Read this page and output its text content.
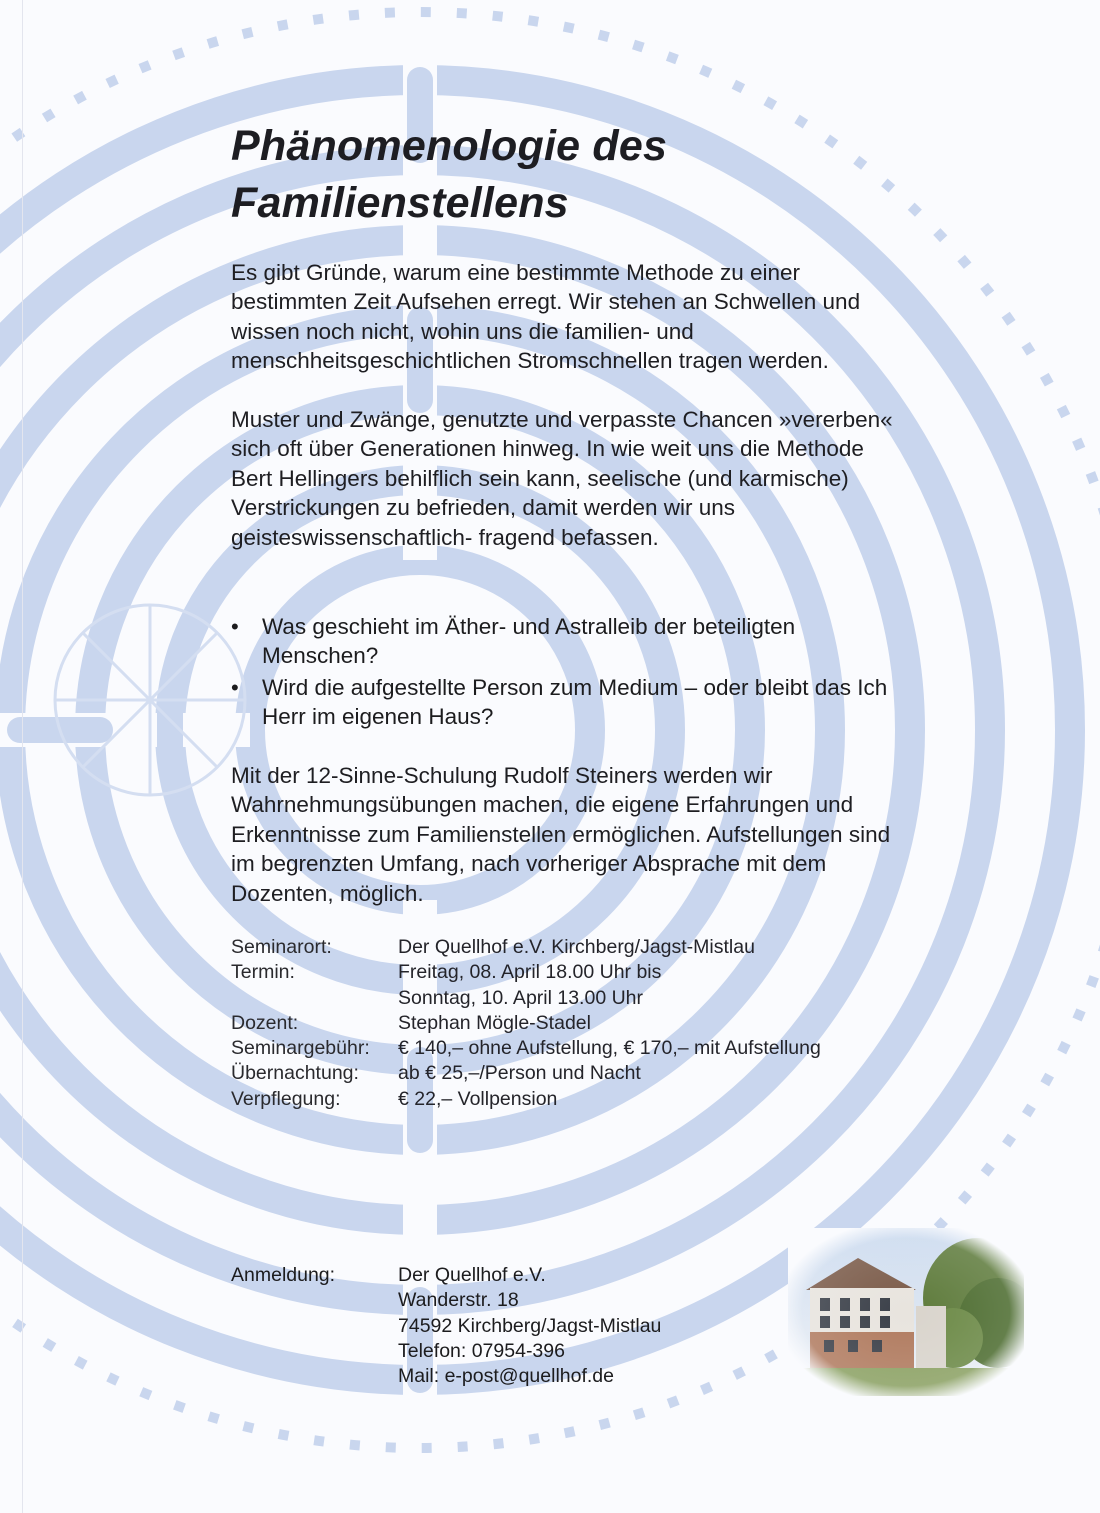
Phänomenologie des
Familienstellens

Es gibt Gründe, warum eine bestimmte Methode zu einer bestimmten Zeit Aufsehen erregt. Wir stehen an Schwellen und wissen noch nicht, wohin uns die familien- und menschheitsgeschichtlichen Stromschnellen tragen werden.

Muster und Zwänge, genutzte und verpasste Chancen »vererben« sich oft über Generationen hinweg. In wie weit uns die Methode Bert Hellingers behilflich sein kann, seelische (und karmische) Verstrickungen zu befrieden, damit werden wir uns geisteswissenschaftlich- fragend befassen.

• Was geschieht im Äther- und Astralleib der beteiligten Menschen?
• Wird die aufgestellte Person zum Medium – oder bleibt das Ich Herr im eigenen Haus?

Mit der 12-Sinne-Schulung Rudolf Steiners werden wir Wahrnehmungsübungen machen, die eigene Erfahrungen und Erkenntnisse zum Familienstellen ermöglichen. Aufstellungen sind im begrenzten Umfang, nach vorheriger Absprache mit dem Dozenten, möglich.

Seminarort:	Der Quellhof e.V. Kirchberg/Jagst-Mistlau
Termin:	Freitag, 08. April 18.00 Uhr bis
	Sonntag, 10. April 13.00 Uhr
Dozent:	Stephan Mögle-Stadel
Seminargebühr:	€ 140,– ohne Aufstellung, € 170,– mit Aufstellung
Übernachtung:	ab € 25,–/Person und Nacht
Verpflegung:	€ 22,– Vollpension
Anmeldung:	Der Quellhof e.V.
	Wanderstr. 18
	74592 Kirchberg/Jagst-Mistlau
	Telefon: 07954-396
	Mail: e-post@quellhof.de
